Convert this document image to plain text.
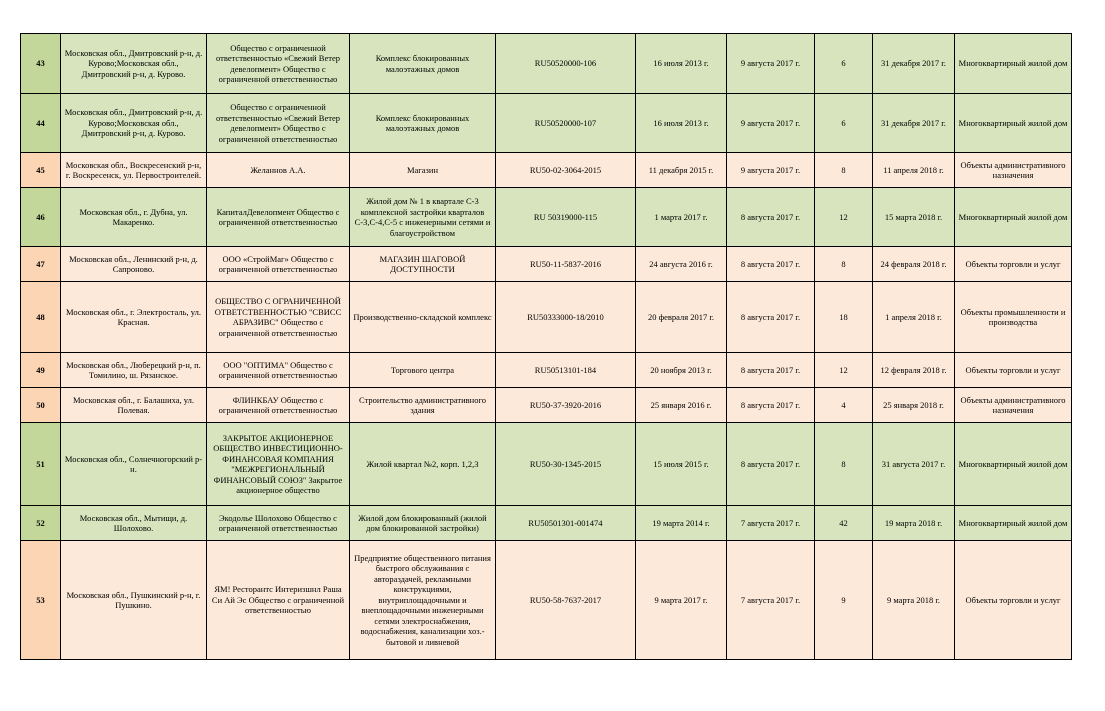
43	Московская обл., Дмитровский р-н, д. Курово;Московская обл., Дмитровский р-н, д. Курово.	Общество с ограниченной ответственностью «Свежий Ветер девелопмент» Общество с ограниченной ответственностью	Комплекс блокированных малоэтажных домов	RU50520000-106	16 июля 2013 г.	9 августа 2017 г.	6	31 декабря 2017 г.	Многоквартирный жилой дом
44	Московская обл., Дмитровский р-н, д. Курово;Московская обл., Дмитровский р-н, д. Курово.	Общество с ограниченной ответственностью «Свежий Ветер девелопмент» Общество с ограниченной ответственностью	Комплекс блокированных малоэтажных домов	RU50520000-107	16 июля 2013 г.	9 августа 2017 г.	6	31 декабря 2017 г.	Многоквартирный жилой дом
45	Московская обл., Воскресенский р-н, г. Воскресенск, ул. Первостроителей.	Желаннов А.А.	Магазин	RU50-02-3064-2015	11 декабря 2015 г.	9 августа 2017 г.	8	11 апреля 2018 г.	Объекты административного назначения
46	Московская обл., г. Дубна, ул. Макаренко.	КапиталДевелопмент Общество с ограниченной ответственностью	Жилой дом № 1 в квартале С-3 комплексной застройки кварталов С-3,С-4,С-5 с инженерными сетями и благоустройством	RU 50319000-115	1 марта 2017 г.	8 августа 2017 г.	12	15 марта 2018 г.	Многоквартирный жилой дом
47	Московская обл., Ленинский р-н, д. Сапроново.	ООО «СтройМаг» Общество с ограниченной ответственностью	МАГАЗИН ШАГОВОЙ ДОСТУПНОСТИ	RU50-11-5837-2016	24 августа 2016 г.	8 августа 2017 г.	8	24 февраля 2018 г.	Объекты торговли и услуг
48	Московская обл., г. Электросталь, ул. Красная.	ОБЩЕСТВО С ОГРАНИЧЕННОЙ ОТВЕТСТВЕННОСТЬЮ "СВИСС АБРАЗИВС" Общество с ограниченной ответственностью	Производственно-складской комплекс	RU50333000-18/2010	20 февраля 2017 г.	8 августа 2017 г.	18	1 апреля 2018 г.	Объекты промышленности и производства
49	Московская обл., Люберецкий р-н, п. Томилино, ш. Рязанское.	ООО "ОПТИМА" Общество с ограниченной ответственностью	Торгового центра	RU50513101-184	20 ноября 2013 г.	8 августа 2017 г.	12	12 февраля 2018 г.	Объекты торговли и услуг
50	Московская обл., г. Балашиха, ул. Полевая.	ФЛИНКБАУ Общество с ограниченной ответственностью	Строительство административного здания	RU50-37-3920-2016	25 января 2016 г.	8 августа 2017 г.	4	25 января 2018 г.	Объекты административного назначения
51	Московская обл., Солнечногорский р-н.	ЗАКРЫТОЕ АКЦИОНЕРНОЕ ОБЩЕСТВО ИНВЕСТИЦИОННО-ФИНАНСОВАЯ КОМПАНИЯ "МЕЖРЕГИОНАЛЬНЫЙ ФИНАНСОВЫЙ СОЮЗ" Закрытое акционерное общество	Жилой квартал №2, корп. 1,2,3	RU50-30-1345-2015	15 июля 2015 г.	8 августа 2017 г.	8	31 августа 2017 г.	Многоквартирный жилой дом
52	Московская обл., Мытищи, д. Шолохово.	Экодолье Шолохово Общество с ограниченной ответственностью	Жилой дом блокированный (жилой дом блокированной застройки)	RU50501301-001474	19 марта 2014 г.	7 августа 2017 г.	42	19 марта 2018 г.	Многоквартирный жилой дом
53	Московская обл., Пушкинский р-н, г. Пушкино.	ЯМ! Ресторантс Интеризшнл Раша Си Ай Эс Общество с ограниченной ответственностью	Предприятие общественного питания быстрого обслуживания с автораздачей, рекламными конструкциями, внутриплощадочными и внеплощадочными инженерными сетями электроснабжения, водоснабжения, канализации хоз.-бытовой и ливневой	RU50-58-7637-2017	9 марта 2017 г.	7 августа 2017 г.	9	9 марта 2018 г.	Объекты торговли и услуг
